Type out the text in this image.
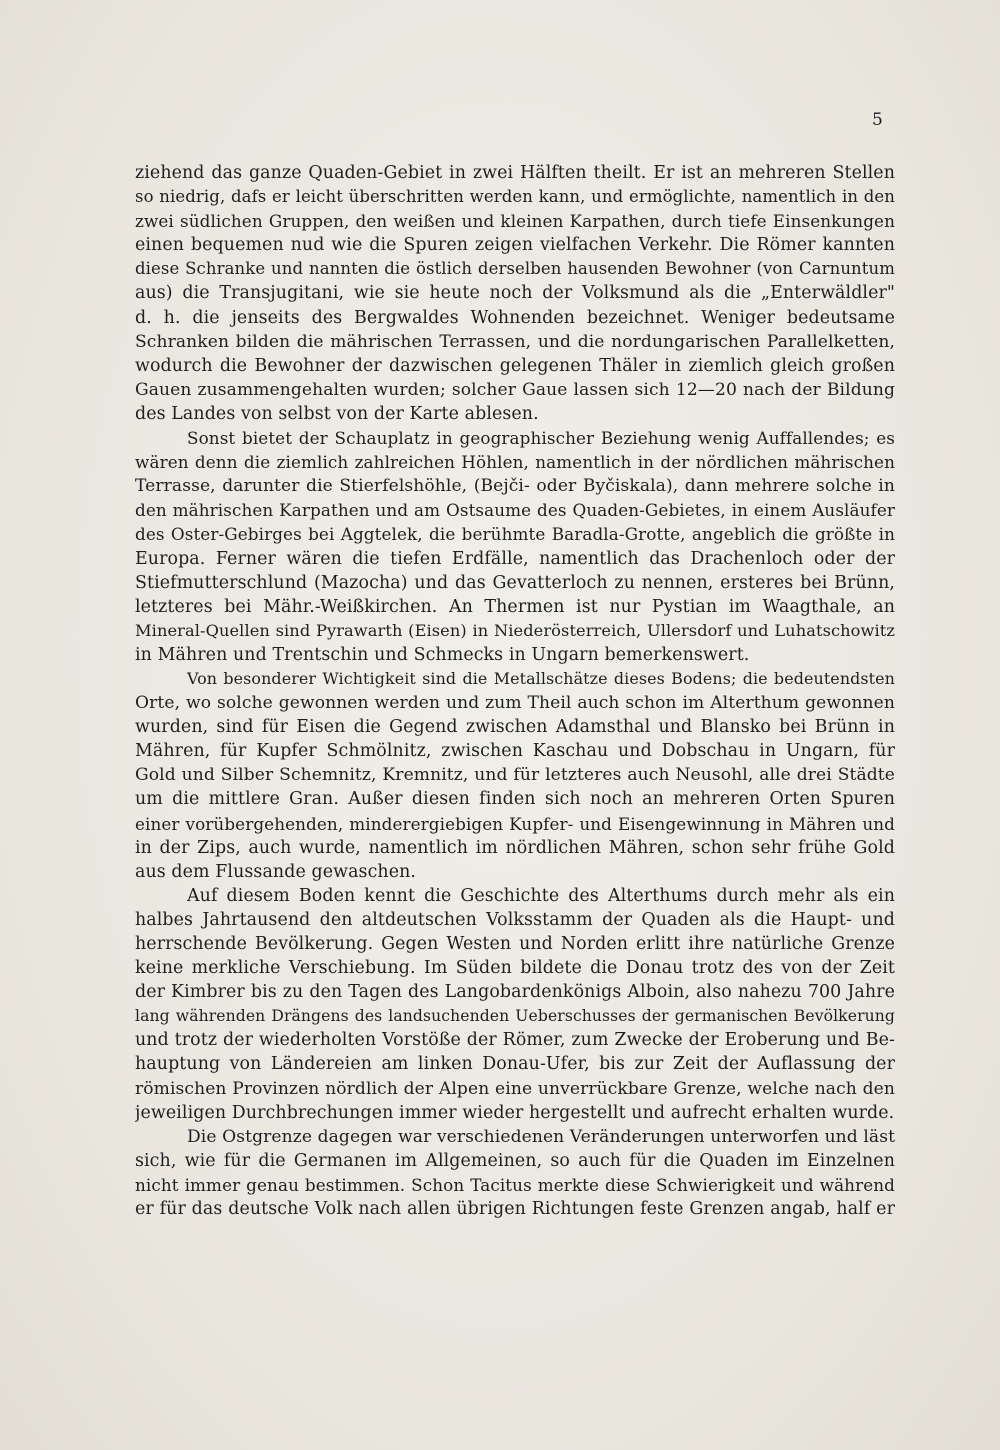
5
ziehend das ganze Quaden-Gebiet in zwei Hälften theilt. Er ist an mehreren Stellen
so niedrig, dafs er leicht überschritten werden kann, und ermöglichte, namentlich in den
zwei südlichen Gruppen, den weißen und kleinen Karpathen, durch tiefe Einsenkungen
einen bequemen nud wie die Spuren zeigen vielfachen Verkehr. Die Römer kannten
diese Schranke und nannten die östlich derselben hausenden Bewohner (von Carnuntum
aus) die Transjugitani, wie sie heute noch der Volksmund als die „Enterwäldler"
d. h. die jenseits des Bergwaldes Wohnenden bezeichnet. Weniger bedeutsame
Schranken bilden die mährischen Terrassen, und die nordungarischen Parallelketten,
wodurch die Bewohner der dazwischen gelegenen Thäler in ziemlich gleich großen
Gauen zusammengehalten wurden; solcher Gaue lassen sich 12—20 nach der Bildung
des Landes von selbst von der Karte ablesen.
Sonst bietet der Schauplatz in geographischer Beziehung wenig Auffallendes; es
wären denn die ziemlich zahlreichen Höhlen, namentlich in der nördlichen mährischen
Terrasse, darunter die Stierfelshöhle, (Bejči- oder Byčiskala), dann mehrere solche in
den mährischen Karpathen und am Ostsaume des Quaden-Gebietes, in einem Ausläufer
des Oster-Gebirges bei Aggtelek, die berühmte Baradla-Grotte, angeblich die größte in
Europa. Ferner wären die tiefen Erdfälle, namentlich das Drachenloch oder der
Stiefmutterschlund (Mazocha) und das Gevatterloch zu nennen, ersteres bei Brünn,
letzteres bei Mähr.-Weißkirchen. An Thermen ist nur Pystian im Waagthale, an
Mineral-Quellen sind Pyrawarth (Eisen) in Niederösterreich, Ullersdorf und Luhatschowitz
in Mähren und Trentschin und Schmecks in Ungarn bemerkenswert.
Von besonderer Wichtigkeit sind die Metallschätze dieses Bodens; die bedeutendsten
Orte, wo solche gewonnen werden und zum Theil auch schon im Alterthum gewonnen
wurden, sind für Eisen die Gegend zwischen Adamsthal und Blansko bei Brünn in
Mähren, für Kupfer Schmölnitz, zwischen Kaschau und Dobschau in Ungarn, für
Gold und Silber Schemnitz, Kremnitz, und für letzteres auch Neusohl, alle drei Städte
um die mittlere Gran. Außer diesen finden sich noch an mehreren Orten Spuren
einer vorübergehenden, minderergiebigen Kupfer- und Eisengewinnung in Mähren und
in der Zips, auch wurde, namentlich im nördlichen Mähren, schon sehr frühe Gold
aus dem Flussande gewaschen.
Auf diesem Boden kennt die Geschichte des Alterthums durch mehr als ein
halbes Jahrtausend den altdeutschen Volksstamm der Quaden als die Haupt- und
herrschende Bevölkerung. Gegen Westen und Norden erlitt ihre natürliche Grenze
keine merkliche Verschiebung. Im Süden bildete die Donau trotz des von der Zeit
der Kimbrer bis zu den Tagen des Langobardenkönigs Alboin, also nahezu 700 Jahre
lang währenden Drängens des landsuchenden Ueberschusses der germanischen Bevölkerung
und trotz der wiederholten Vorstöße der Römer, zum Zwecke der Eroberung und Be-
hauptung von Ländereien am linken Donau-Ufer, bis zur Zeit der Auflassung der
römischen Provinzen nördlich der Alpen eine unverrückbare Grenze, welche nach den
jeweiligen Durchbrechungen immer wieder hergestellt und aufrecht erhalten wurde.
Die Ostgrenze dagegen war verschiedenen Veränderungen unterworfen und läst
sich, wie für die Germanen im Allgemeinen, so auch für die Quaden im Einzelnen
nicht immer genau bestimmen. Schon Tacitus merkte diese Schwierigkeit und während
er für das deutsche Volk nach allen übrigen Richtungen feste Grenzen angab, half er
